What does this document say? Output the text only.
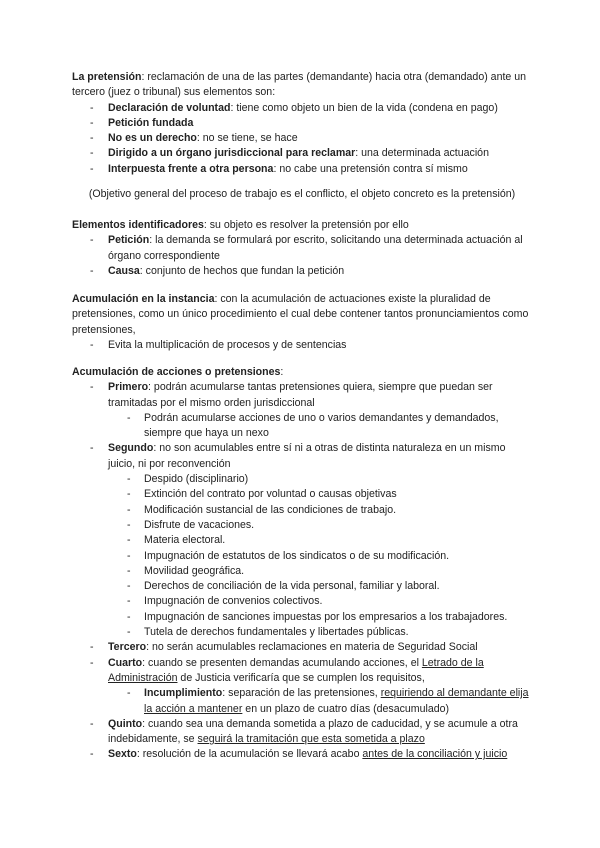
La pretensión: reclamación de una de las partes (demandante) hacia otra (demandado) ante un tercero (juez o tribunal) sus elementos son:

- Declaración de voluntad: tiene como objeto un bien de la vida (condena en pago)
- Petición fundada
- No es un derecho: no se tiene, se hace
- Dirigido a un órgano jurisdiccional para reclamar: una determinada actuación
- Interpuesta frente a otra persona: no cabe una pretensión contra sí mismo
(Objetivo general del proceso de trabajo es el conflicto, el objeto concreto es la pretensión)

Elementos identificadores: su objeto es resolver la pretensión por ello

- Petición: la demanda se formulará por escrito, solicitando una determinada actuación al órgano correspondiente
- Causa: conjunto de hechos que fundan la petición

Acumulación en la instancia: con la acumulación de actuaciones existe la pluralidad de pretensiones, como un único procedimiento el cual debe contener tantos pronunciamientos como pretensiones,

- Evita la multiplicación de procesos y de sentencias

Acumulación de acciones o pretensiones:

- Primero: podrán acumularse tantas pretensiones quiera, siempre que puedan ser tramitadas por el mismo orden jurisdiccional
- Podrán acumularse acciones de uno o varios demandantes y demandados, siempre que haya un nexo
- Segundo: no son acumulables entre sí ni a otras de distinta naturaleza en un mismo juicio, ni por reconvención
- Despido (disciplinario)
- Extinción del contrato por voluntad o causas objetivas
- Modificación sustancial de las condiciones de trabajo.
- Disfrute de vacaciones.
- Materia electoral.
- Impugnación de estatutos de los sindicatos o de su modificación.
- Movilidad geográfica.
- Derechos de conciliación de la vida personal, familiar y laboral.
- Impugnación de convenios colectivos.
- Impugnación de sanciones impuestas por los empresarios a los trabajadores.
- Tutela de derechos fundamentales y libertades públicas.
- Tercero: no serán acumulables reclamaciones en materia de Seguridad Social
- Cuarto: cuando se presenten demandas acumulando acciones, el Letrado de la Administración de Justicia verificaría que se cumplen los requisitos,
- Incumplimiento: separación de las pretensiones, requiriendo al demandante elija la acción a mantener en un plazo de cuatro días (desacumulado)
- Quinto: cuando sea una demanda sometida a plazo de caducidad, y se acumule a otra indebidamente, se seguirá la tramitación que esta sometida a plazo
- Sexto: resolución de la acumulación se llevará acabo antes de la conciliación y juicio
